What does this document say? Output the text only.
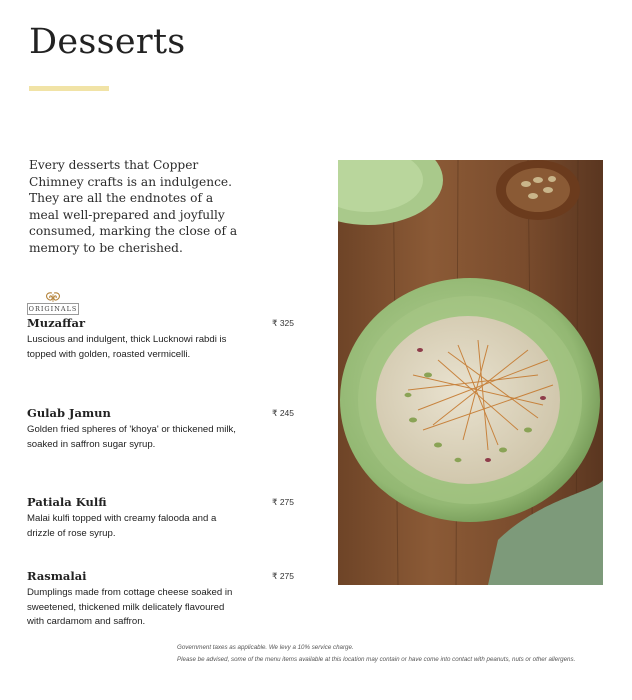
Desserts

Every desserts that Copper Chimney crafts is an indulgence. They are all the endnotes of a meal well-prepared and joyfully consumed, marking the close of a memory to be cherished.

ORIGINALS
Muzaffar	₹ 325
Luscious and indulgent, thick Lucknowi rabdi is topped with golden, roasted vermicelli.
Gulab Jamun	₹ 245
Golden fried spheres of 'khoya' or thickened milk, soaked in saffron sugar syrup.
Patiala Kulfi	₹ 275
Malai kulfi topped with creamy falooda and a drizzle of rose syrup.
Rasmalai	₹ 275
Dumplings made from cottage cheese soaked in sweetened, thickened milk delicately flavoured with cardamom and saffron.
Government taxes as applicable. We levy a 10% service charge.
Please be advised, some of the menu items available at this location may contain or have come into contact with peanuts, nuts or other allergens.
